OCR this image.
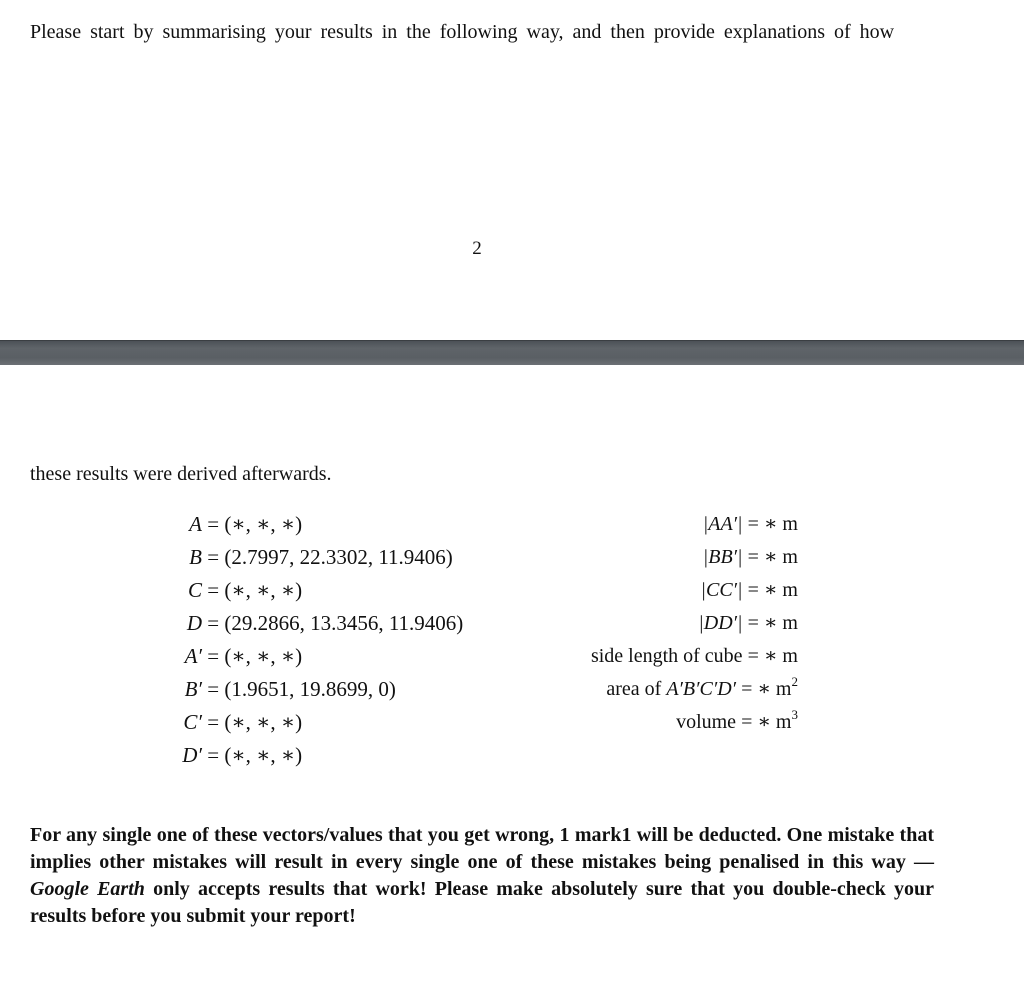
Please start by summarising your results in the following way, and then provide explanations of how
2
these results were derived afterwards.
A = (∗, ∗, ∗)
B = (2.7997, 22.3302, 11.9406)
C = (∗, ∗, ∗)
D = (29.2866, 13.3456, 11.9406)
A′ = (∗, ∗, ∗)
B′ = (1.9651, 19.8699, 0)
C′ = (∗, ∗, ∗)
D′ = (∗, ∗, ∗)
|AA′| = ∗ m
|BB′| = ∗ m
|CC′| = ∗ m
|DD′| = ∗ m
side length of cube = ∗ m
area of A′B′C′D′ = ∗ $m^2$
volume = ∗ $m^3$
For any single one of these vectors/values that you get wrong, 1 mark1 will be deducted. One mistake that implies other mistakes will result in every single one of these mistakes being penalised in this way — Google Earth only accepts results that work! Please make absolutely sure that you double-check your results before you submit your report!
